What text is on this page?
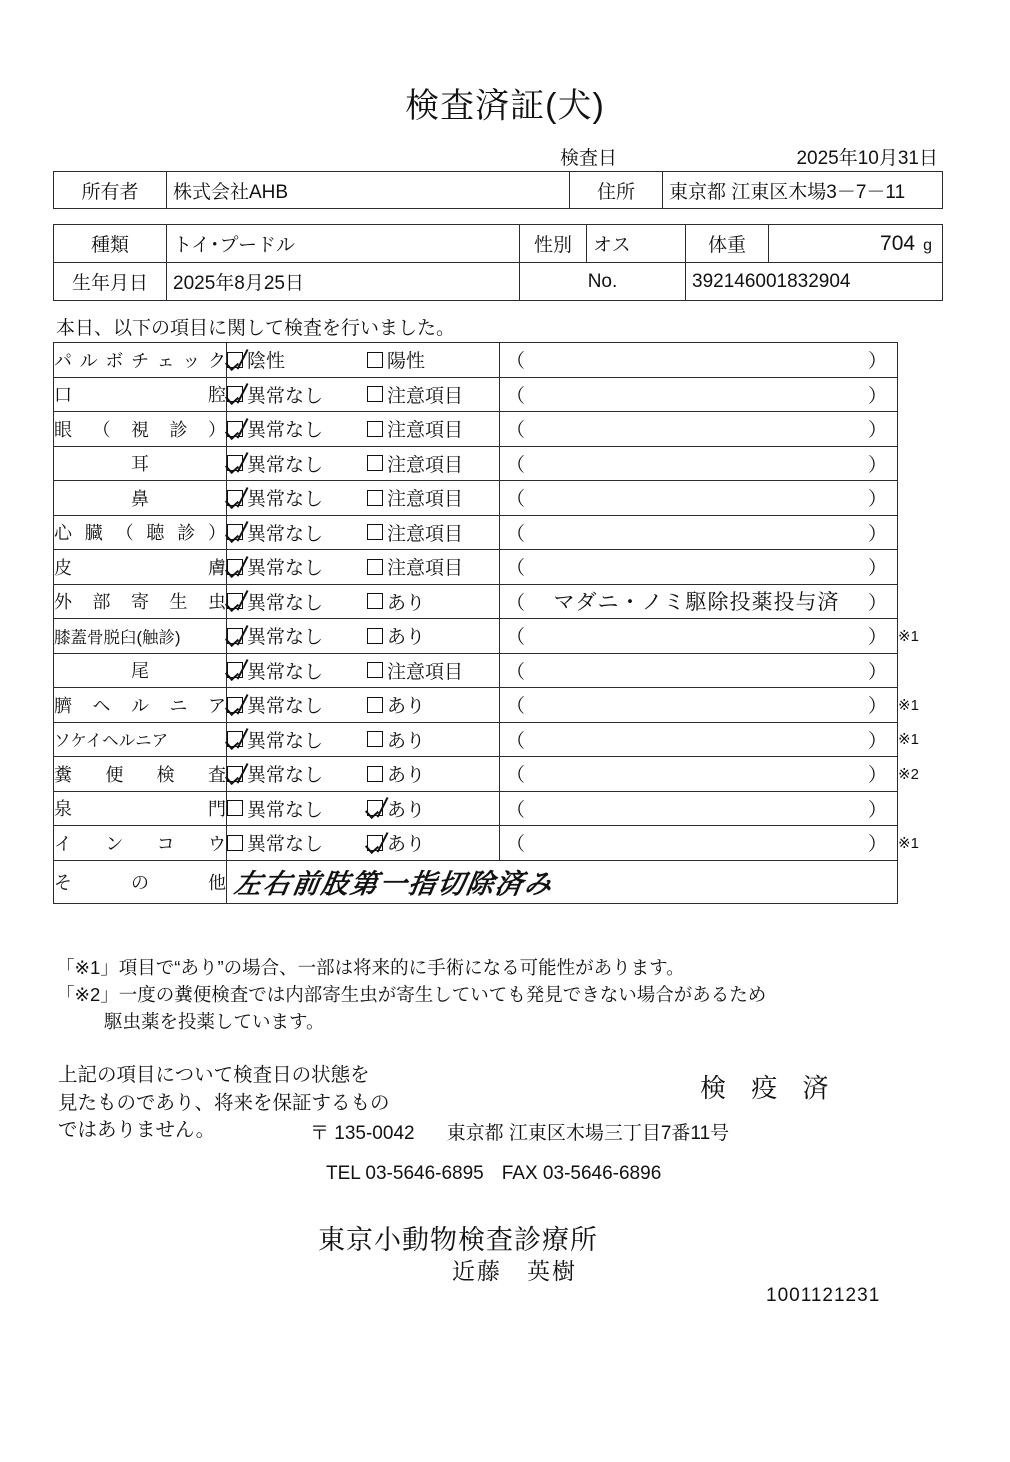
検査済証(犬)
検査日	2025年10月31日
所有者	株式会社AHB	住所	東京都 江東区木場3－7－11
種類	トイ･プードル	性別	オス	体重	704 g
生年月日	2025年8月25日	No.		392146001832904	
本日、以下の項目に関して検査を行いました。
パ ル ボ チ ェ ッ ク	陰性	陽性	（	）

口 腔	異常なし 注意項目	（ ）	

眼 （ 視 診 ）	異常なし 注意項目	（ ）	

耳	異常なし 注意項目	（ ）	

鼻	異常なし 注意項目	（ ）	

心 臓 （ 聴 診 ）	異常なし	注意項目	（	）

皮 膚	異常なし 注意項目	（ ）	

外 部 寄 生 虫	異常なし あり	（ マダニ・ノミ駆除投薬投与済 ）	

膝蓋骨脱臼(触診)	異常なし あり	（ ）	※1

尾	異常なし 注意項目	（ ）	

臍 ヘ ル ニ ア	異常なし あり	（ ）	※1

ソケイヘルニア	異常なし あり	（ ）	※1

糞 便 検 査	異常なし あり	（ ）	※2

泉 門	異常なし あり	（ ）	

イ ン コ ウ	異常なし あり	（ ）	※1

そ の 他	左右前肢第一指切除済み		
「※1」項目で“あり”の場合、一部は将来的に手術になる可能性があります。
「※2」一度の糞便検査では内部寄生虫が寄生していても発見できない場合があるため
駆虫薬を投薬しています。
上記の項目について検査日の状態を
見たものであり、将来を保証するもの
ではありません。
検 疫 済
〒 135-0042 東京都 江東区木場三丁目7番11号
TEL 03-5646-6895 FAX 03-5646-6896
東京小動物検査診療所
近藤　英樹
1001121231
